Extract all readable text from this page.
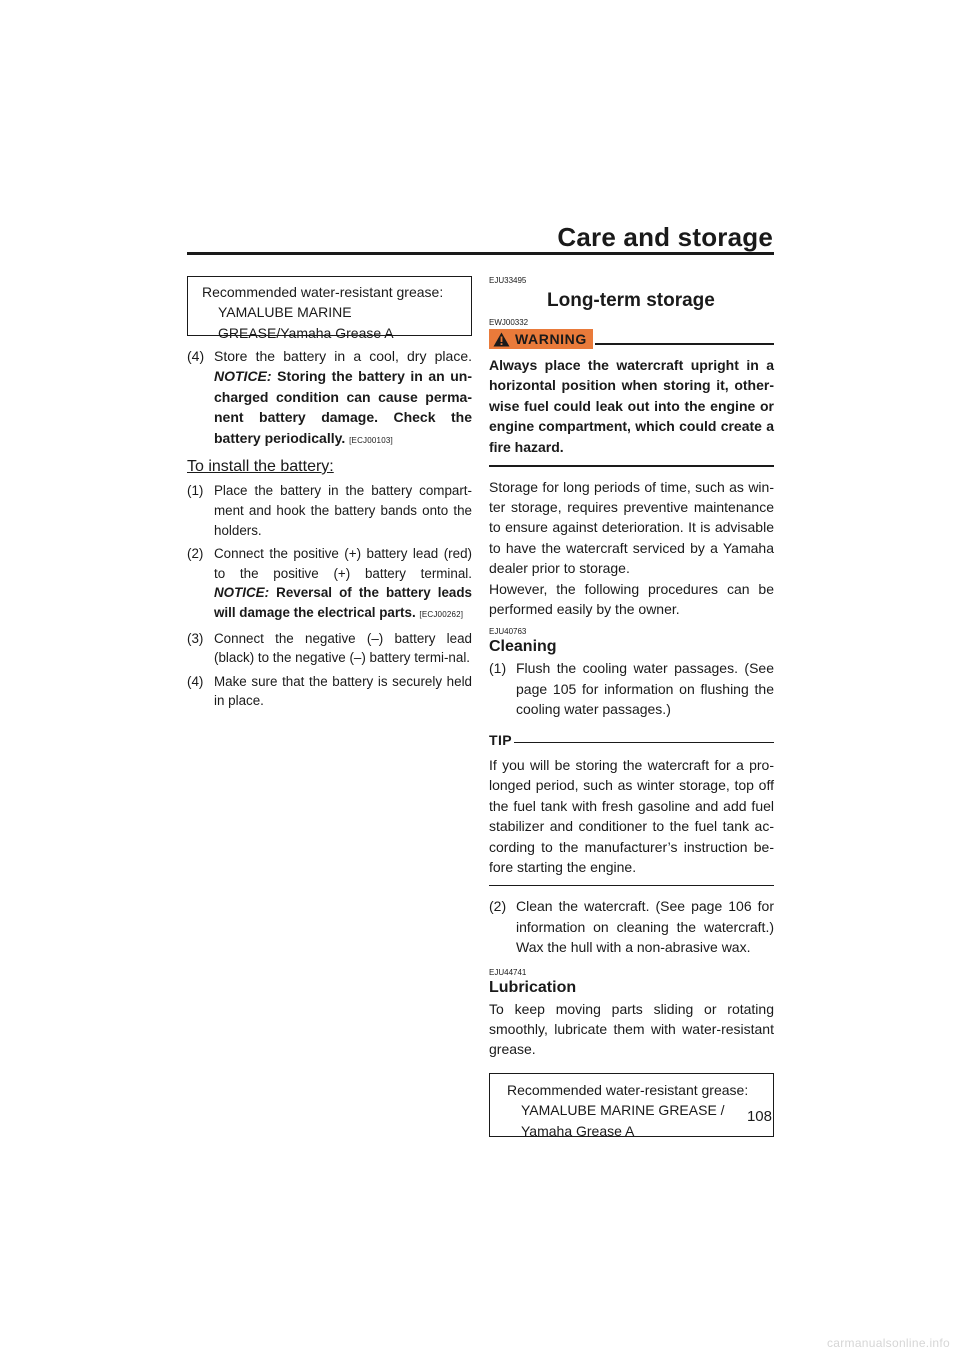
Care and storage
Recommended water-resistant grease:
YAMALUBE MARINE
GREASE/Yamaha Grease A
(4) Store the battery in a cool, dry place. NOTICE: Storing the battery in an un-charged condition can cause perma-nent battery damage. Check the battery periodically. [ECJ00103]
To install the battery:
(1) Place the battery in the battery compart-ment and hook the battery bands onto the holders.
(2) Connect the positive (+) battery lead (red) to the positive (+) battery terminal. NOTICE: Reversal of the battery leads will damage the electrical parts. [ECJ00262]
(3) Connect the negative (–) battery lead (black) to the negative (–) battery termi-nal.
(4) Make sure that the battery is securely held in place.

EJU33495

Long-term storage

EWJ00332

WARNING

Always place the watercraft upright in a horizontal position when storing it, other-wise fuel could leak out into the engine or engine compartment, which could create a fire hazard.

Storage for long periods of time, such as win-ter storage, requires preventive maintenance to ensure against deterioration. It is advisable to have the watercraft serviced by a Yamaha dealer prior to storage.

However, the following procedures can be performed easily by the owner.

EJU40763

Cleaning
(1) Flush the cooling water passages. (See page 105 for information on flushing the cooling water passages.)
TIP

If you will be storing the watercraft for a pro-longed period, such as winter storage, top off the fuel tank with fresh gasoline and add fuel stabilizer and conditioner to the fuel tank ac-cording to the manufacturer’s instruction be-fore starting the engine.

(2) Clean the watercraft. (See page 106 for information on cleaning the watercraft.) Wax the hull with a non-abrasive wax.

EJU44741

Lubrication

To keep moving parts sliding or rotating smoothly, lubricate them with water-resistant grease.

Recommended water-resistant grease:
YAMALUBE MARINE GREASE /
Yamaha Grease A
108
carmanualsonline.info
